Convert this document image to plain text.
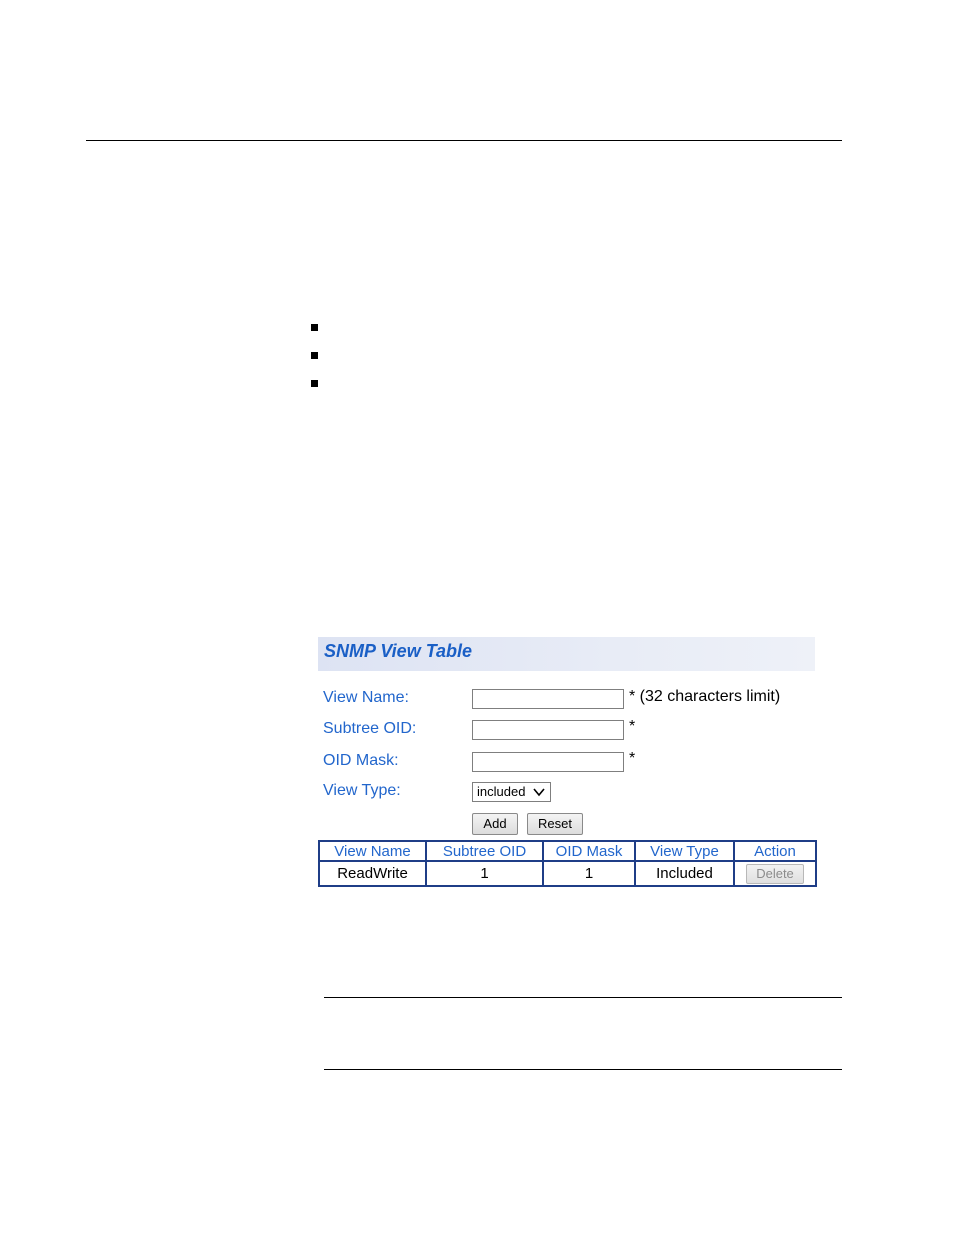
SNMP View Table
View Name:	* (32 characters limit)
Subtree OID:	*
OID Mask:	*
View Type:	included
Add	Reset
View Name	Subtree OID	OID Mask	View Type	Action
ReadWrite	1	1	Included	Delete
